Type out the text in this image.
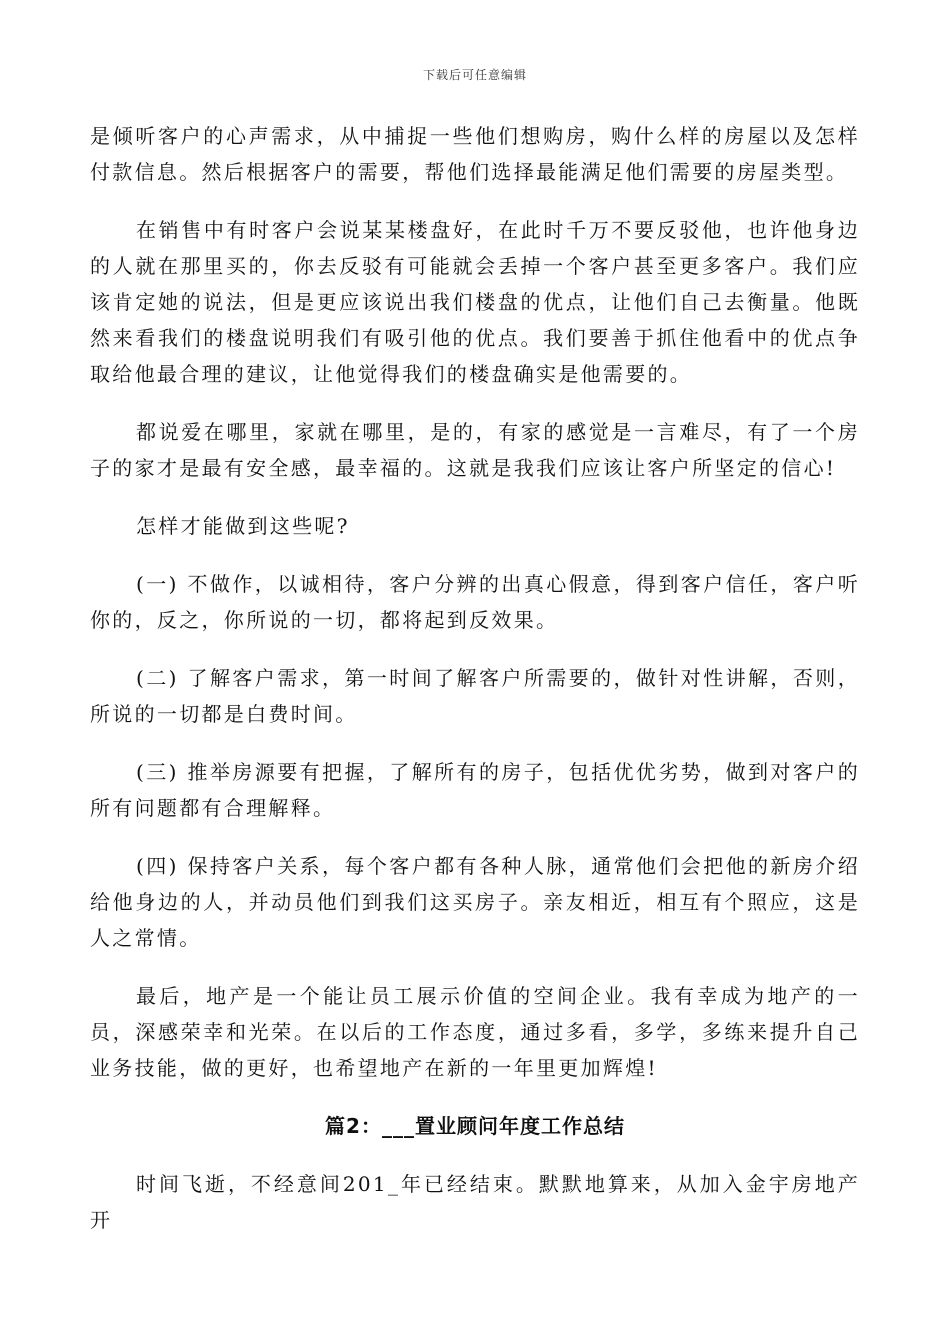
下载后可任意编辑

是倾听客户的心声需求，从中捕捉一些他们想购房，购什么样的房屋以及怎样付款信息。然后根据客户的需要，帮他们选择最能满足他们需要的房屋类型。

在销售中有时客户会说某某楼盘好，在此时千万不要反驳他，也许他身边的人就在那里买的，你去反驳有可能就会丢掉一个客户甚至更多客户。我们应该肯定她的说法，但是更应该说出我们楼盘的优点，让他们自己去衡量。他既然来看我们的楼盘说明我们有吸引他的优点。我们要善于抓住他看中的优点争取给他最合理的建议，让他觉得我们的楼盘确实是他需要的。

都说爱在哪里，家就在哪里，是的，有家的感觉是一言难尽，有了一个房子的家才是最有安全感，最幸福的。这就是我我们应该让客户所坚定的信心!

怎样才能做到这些呢?

(一) 不做作，以诚相待，客户分辨的出真心假意，得到客户信任，客户听你的，反之，你所说的一切，都将起到反效果。

(二) 了解客户需求，第一时间了解客户所需要的，做针对性讲解，否则，所说的一切都是白费时间。

(三) 推举房源要有把握，了解所有的房子，包括优优劣势，做到对客户的所有问题都有合理解释。

(四) 保持客户关系，每个客户都有各种人脉，通常他们会把他的新房介绍给他身边的人，并动员他们到我们这买房子。亲友相近，相互有个照应，这是人之常情。

最后，地产是一个能让员工展示价值的空间企业。我有幸成为地产的一员，深感荣幸和光荣。在以后的工作态度，通过多看，多学，多练来提升自己业务技能，做的更好，也希望地产在新的一年里更加辉煌!

篇2：___置业顾问年度工作总结

时间飞逝，不经意间201_年已经结束。默默地算来，从加入金宇房地产开
